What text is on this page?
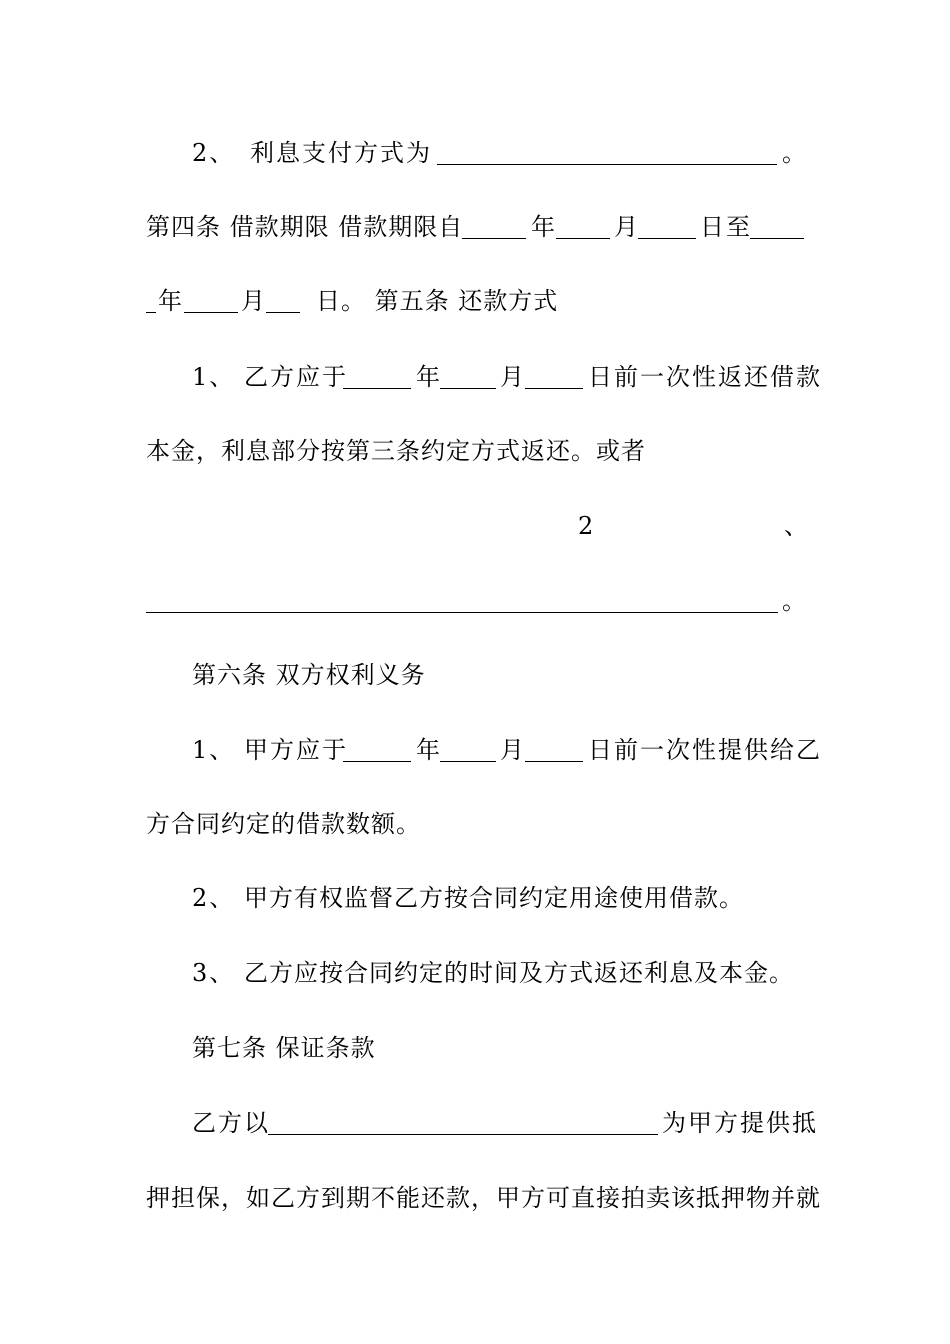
2、

利息支付方式为

	。

第四条 借款期限 借款期限自

	年

月

	日至

年

月

日。 第五条 还款方式

1、

乙方应于

	年

月

	日前一次性返还借款

本金，利息部分按第三条约定方式返还。或者

2

	、

。

第六条 双方权利义务

1、

甲方应于

	年

月

	日前一次性提供给乙

方合同约定的借款数额。

2、

甲方有权监督乙方按合同约定用途使用借款。

3、

乙方应按合同约定的时间及方式返还利息及本金。

第七条 保证条款

乙方以

	为甲方提供抵

押担保，如乙方到期不能还款，甲方可直接拍卖该抵押物并就
